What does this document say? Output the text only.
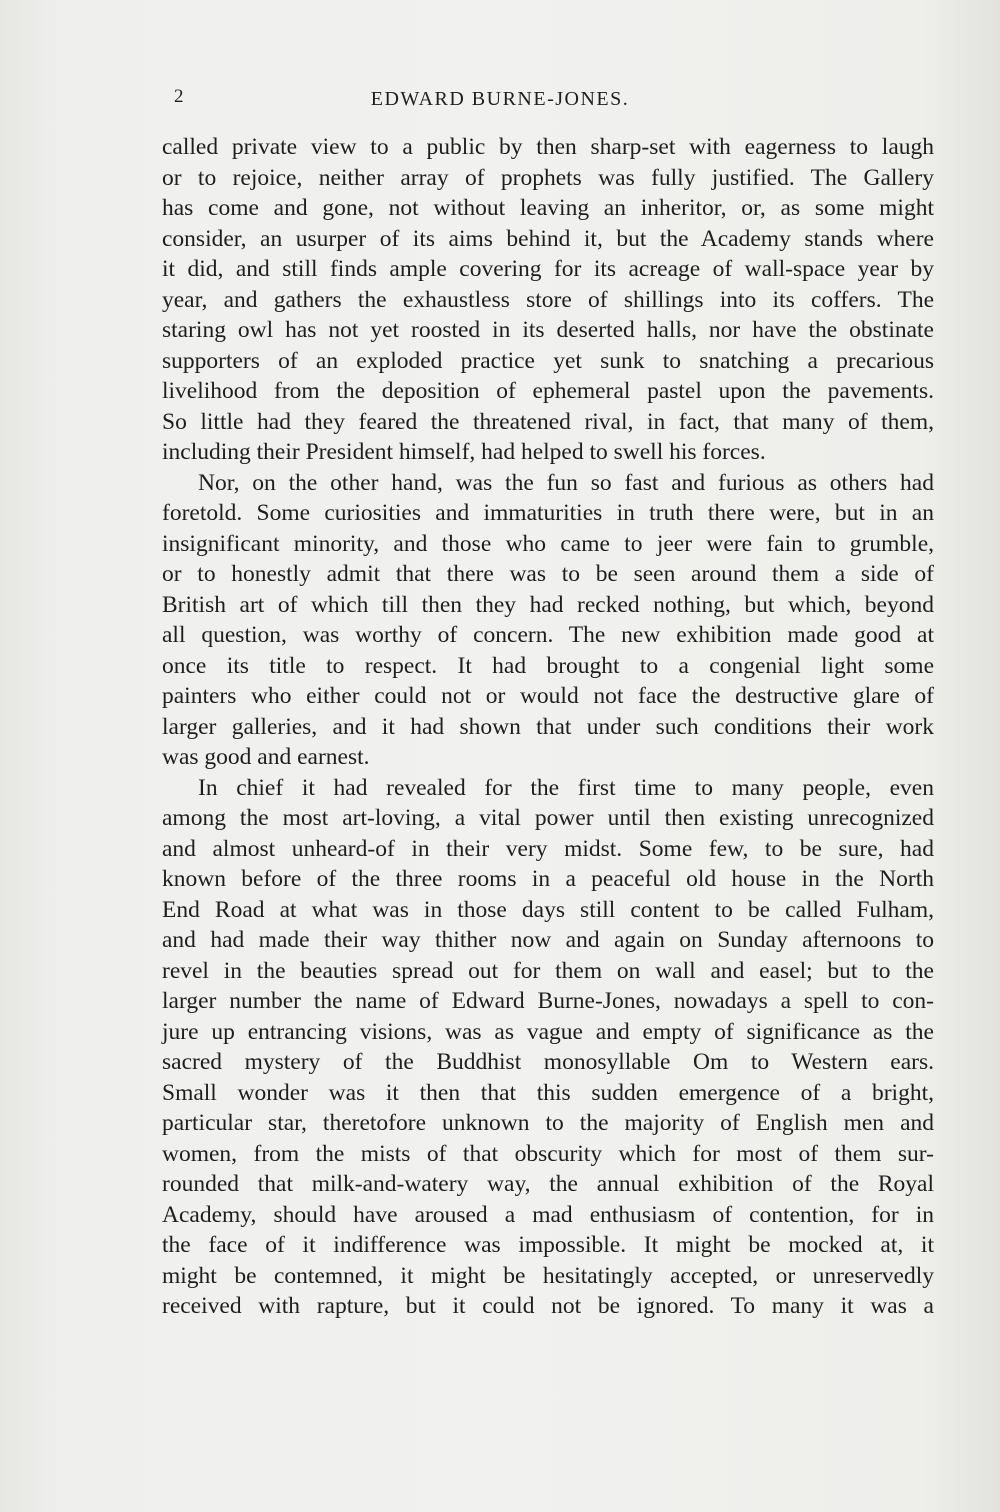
2	EDWARD BURNE-JONES.
called private view to a public by then sharp-set with eagerness to laugh
or to rejoice, neither array of prophets was fully justified. The Gallery
has come and gone, not without leaving an inheritor, or, as some might
consider, an usurper of its aims behind it, but the Academy stands where
it did, and still finds ample covering for its acreage of wall-space year by
year, and gathers the exhaustless store of shillings into its coffers. The
staring owl has not yet roosted in its deserted halls, nor have the obstinate
supporters of an exploded practice yet sunk to snatching a precarious
livelihood from the deposition of ephemeral pastel upon the pavements.
So little had they feared the threatened rival, in fact, that many of them,
including their President himself, had helped to swell his forces.
Nor, on the other hand, was the fun so fast and furious as others had
foretold. Some curiosities and immaturities in truth there were, but in an
insignificant minority, and those who came to jeer were fain to grumble,
or to honestly admit that there was to be seen around them a side of
British art of which till then they had recked nothing, but which, beyond
all question, was worthy of concern. The new exhibition made good at
once its title to respect. It had brought to a congenial light some
painters who either could not or would not face the destructive glare of
larger galleries, and it had shown that under such conditions their work
was good and earnest.
In chief it had revealed for the first time to many people, even
among the most art-loving, a vital power until then existing unrecognized
and almost unheard-of in their very midst. Some few, to be sure, had
known before of the three rooms in a peaceful old house in the North
End Road at what was in those days still content to be called Fulham,
and had made their way thither now and again on Sunday afternoons to
revel in the beauties spread out for them on wall and easel; but to the
larger number the name of Edward Burne-Jones, nowadays a spell to con-
jure up entrancing visions, was as vague and empty of significance as the
sacred mystery of the Buddhist monosyllable Om to Western ears.
Small wonder was it then that this sudden emergence of a bright,
particular star, theretofore unknown to the majority of English men and
women, from the mists of that obscurity which for most of them sur-
rounded that milk-and-watery way, the annual exhibition of the Royal
Academy, should have aroused a mad enthusiasm of contention, for in
the face of it indifference was impossible. It might be mocked at, it
might be contemned, it might be hesitatingly accepted, or unreservedly
received with rapture, but it could not be ignored. To many it was a
